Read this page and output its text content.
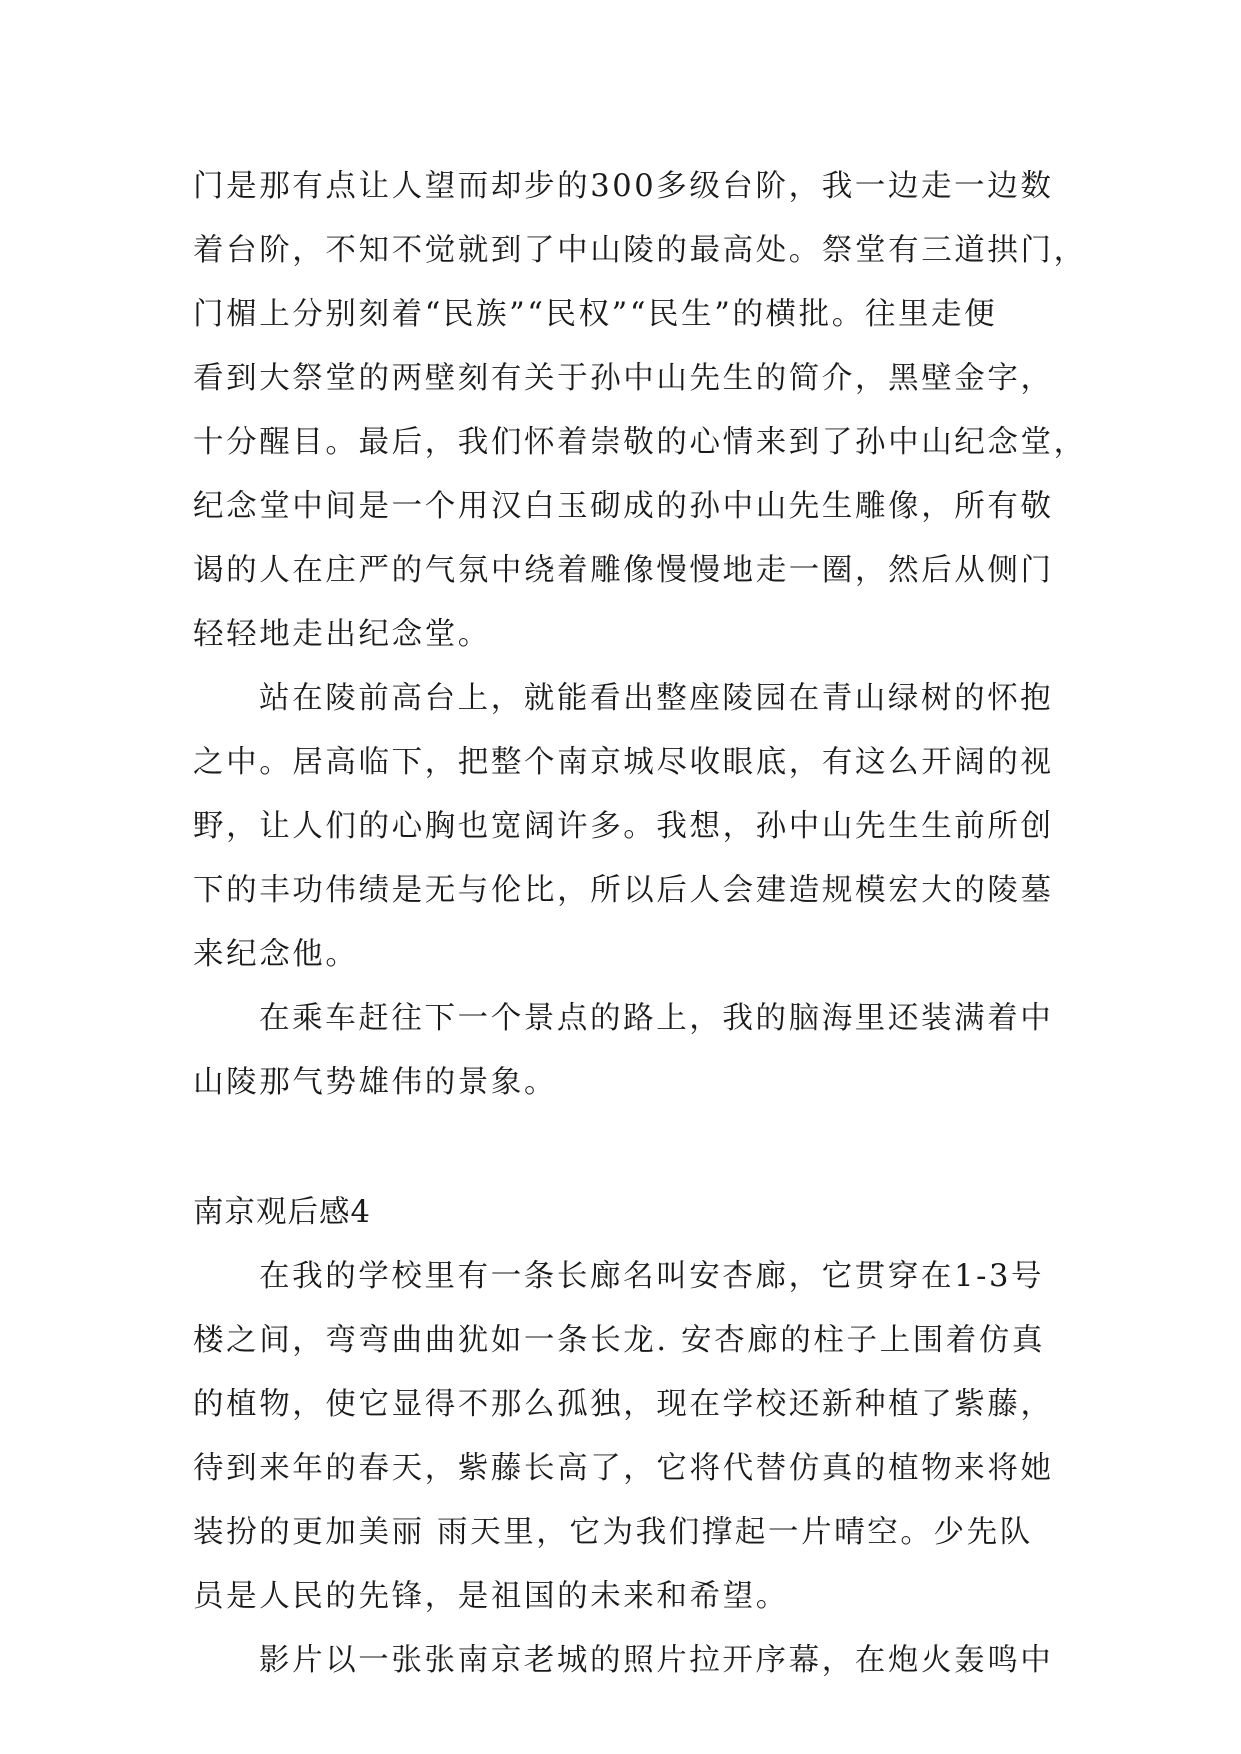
门是那有点让人望而却步的300多级台阶，我一边走一边数
着台阶，不知不觉就到了中山陵的最高处。祭堂有三道拱门，
门楣上分别刻着“民族”“民权”“民生”的横批。往里走便
看到大祭堂的两壁刻有关于孙中山先生的简介，黑壁金字，
十分醒目。最后，我们怀着崇敬的心情来到了孙中山纪念堂，
纪念堂中间是一个用汉白玉砌成的孙中山先生雕像，所有敬
谒的人在庄严的气氛中绕着雕像慢慢地走一圈，然后从侧门
轻轻地走出纪念堂。
站在陵前高台上，就能看出整座陵园在青山绿树的怀抱
之中。居高临下，把整个南京城尽收眼底，有这么开阔的视
野，让人们的心胸也宽阔许多。我想，孙中山先生生前所创
下的丰功伟绩是无与伦比，所以后人会建造规模宏大的陵墓
来纪念他。
在乘车赶往下一个景点的路上，我的脑海里还装满着中
山陵那气势雄伟的景象。
南京观后感4
在我的学校里有一条长廊名叫安杏廊，它贯穿在1-3号
楼之间，弯弯曲曲犹如一条长龙. 安杏廊的柱子上围着仿真
的植物，使它显得不那么孤独，现在学校还新种植了紫藤，
待到来年的春天，紫藤长高了，它将代替仿真的植物来将她
装扮的更加美丽 雨天里，它为我们撑起一片晴空。少先队
员是人民的先锋，是祖国的未来和希望。
影片以一张张南京老城的照片拉开序幕，在炮火轰鸣中
